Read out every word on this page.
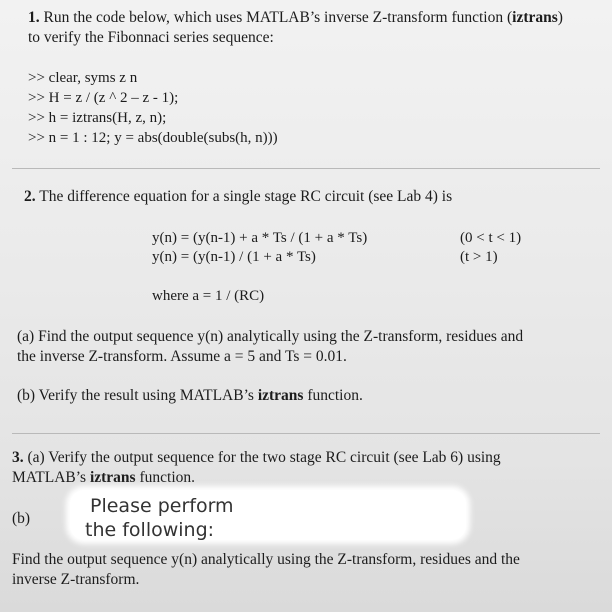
1. Run the code below, which uses MATLAB’s inverse Z-transform function (iztrans)
to verify the Fibonnaci series sequence:
>> clear, syms z n
>> H = z / (z ^ 2 – z - 1);
>> h = iztrans(H, z, n);
>> n = 1 : 12; y = abs(double(subs(h, n)))
2. The difference equation for a single stage RC circuit (see Lab 4) is
y(n) = (y(n-1) + a * Ts / (1 + a * Ts)	(0 < t < 1)
y(n) = (y(n-1) / (1 + a * Ts)	(t > 1)
where a = 1 / (RC)
(a) Find the output sequence y(n) analytically using the Z-transform, residues and
the inverse Z-transform. Assume a = 5 and Ts = 0.01.
(b) Verify the result using MATLAB’s iztrans function.
3. (a) Verify the output sequence for the two stage RC circuit (see Lab 6) using
MATLAB’s iztrans function.
(b)
Please perform
the following:
Find the output sequence y(n) analytically using the Z-transform, residues and the
inverse Z-transform.
